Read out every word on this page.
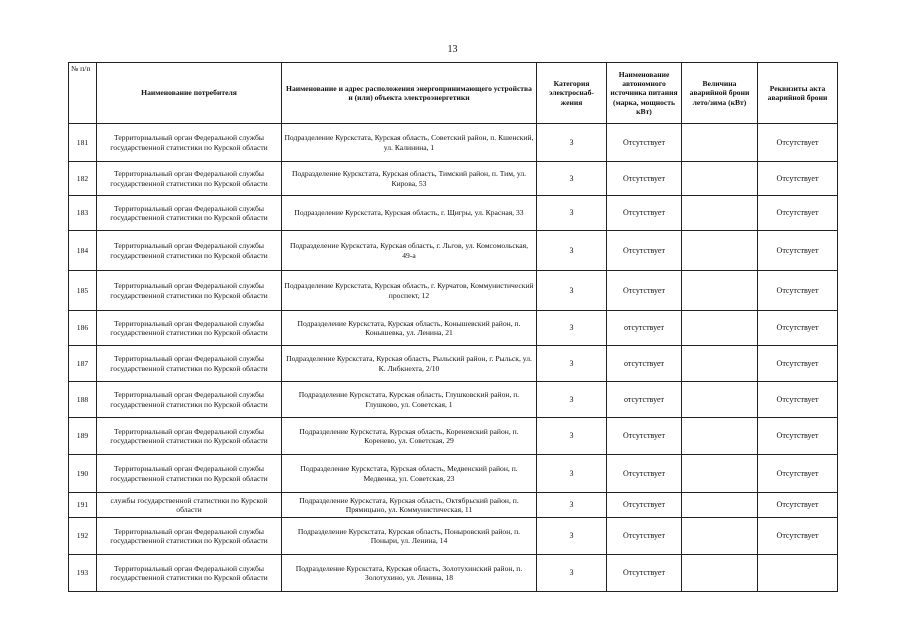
13
№ п/п	Наименование потребителя	Наименование и адрес расположения энергопринимающего устройства и (или) объекта электроэнергетики	Категория электроснаб-жения	Наименование автономного источника питания (марка, мощность кВт)	Величина аварийной брони лето/зима (кВт)	Реквизиты акта аварийной брони
181	Территориальный орган Федеральной службы государственной статистики по Курской области	Подразделение Курскстата, Курская область, Советский район, п. Кшенский, ул. Калинина, 1	3	Отсутствует		Отсутствует
182	Территориальный орган Федеральной службы государственной статистики по Курской области	Подразделение Курскстата, Курская область, Тимский район, п. Тим, ул. Кирова, 53	3	Отсутствует		Отсутствует
183	Территориальный орган Федеральной службы государственной статистики по Курской области	Подразделение Курскстата, Курская область, г. Щигры, ул. Красная, 33	3	Отсутствует		Отсутствует
184	Территориальный орган Федеральной службы государственной статистики по Курской области	Подразделение Курскстата, Курская область, г. Льгов, ул. Комсомольская, 49-а	3	Отсутствует		Отсутствует
185	Территориальный орган Федеральной службы государственной статистики по Курской области	Подразделение Курскстата, Курская область, г. Курчатов, Коммунистический проспект, 12	3	Отсутствует		Отсутствует
186	Территориальный орган Федеральной службы государственной статистики по Курской области	Подразделение Курскстата, Курская область, Конышевский район, п. Конышевка, ул. Ленина, 21	3	отсутствует		Отсутствует
187	Территориальный орган Федеральной службы государственной статистики по Курской области	Подразделение Курскстата, Курская область, Рыльский район, г. Рыльск, ул. К. Либкнехта, 2/10	3	отсутствует		Отсутствует
188	Территориальный орган Федеральной службы государственной статистики по Курской области	Подразделение Курскстата, Курская область, Глушковский район, п. Глушково, ул. Советская, 1	3	отсутствует		Отсутствует
189	Территориальный орган Федеральной службы государственной статистики по Курской области	Подразделение Курскстата, Курская область, Кореневский район, п. Коренево, ул. Советская, 29	3	Отсутствует		Отсутствует
190	Территориальный орган Федеральной службы государственной статистики по Курской области	Подразделение Курскстата, Курская область, Медвенский район, п. Медвенка, ул. Советская, 23	3	Отсутствует		Отсутствует
191	службы государственной статистики по Курской области	Подразделение Курскстата, Курская область, Октябрьский район, п. Прямицыно, ул. Коммунистическая, 11	3	Отсутствует		Отсутствует
192	Территориальный орган Федеральной службы государственной статистики по Курской области	Подразделение Курскстата, Курская область, Поныровский район, п. Поныри, ул. Ленина, 14	3	Отсутствует		Отсутствует
193	Территориальный орган Федеральной службы государственной статистики по Курской области	Подразделение Курскстата, Курская область, Золотухинский район, п. Золотухино, ул. Ленина, 18	3	Отсутствует		
